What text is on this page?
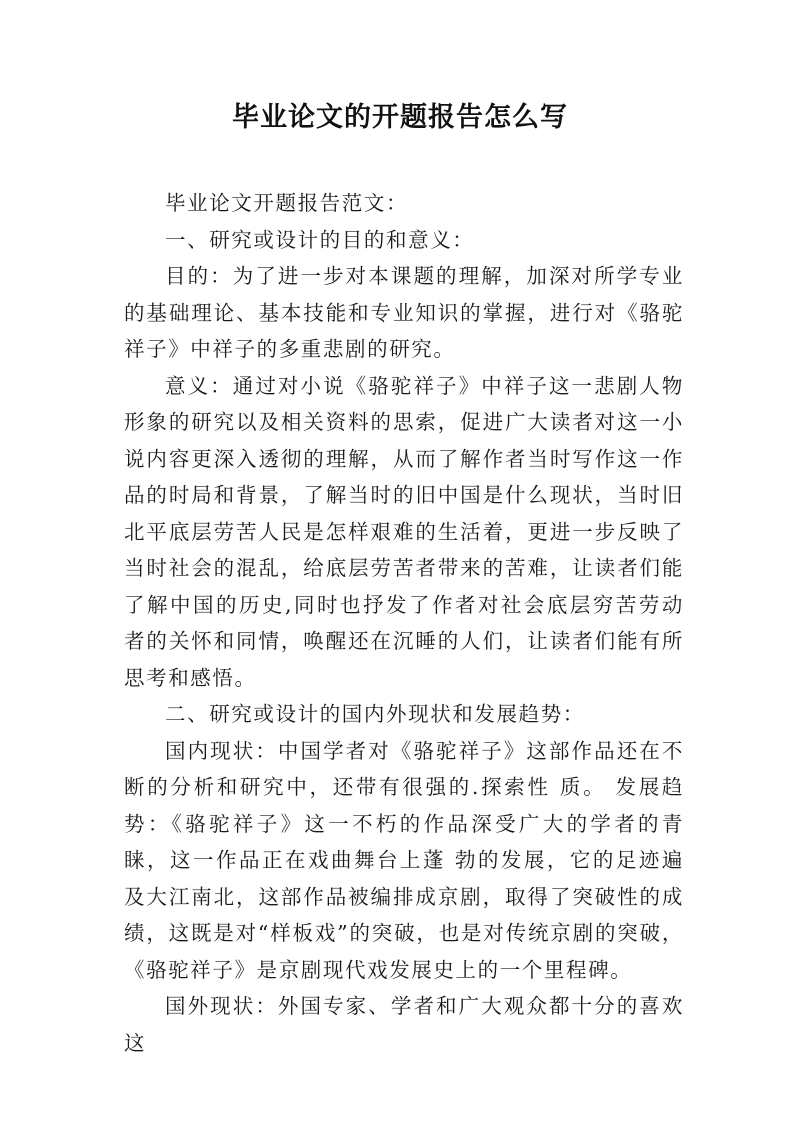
毕业论文的开题报告怎么写

毕业论文开题报告范文：

一、研究或设计的目的和意义：

目的：为了进一步对本课题的理解，加深对所学专业的基础理论、基本技能和专业知识的掌握，进行对《骆驼祥子》中祥子的多重悲剧的研究。

意义：通过对小说《骆驼祥子》中祥子这一悲剧人物形象的研究以及相关资料的思索，促进广大读者对这一小说内容更深入透彻的理解，从而了解作者当时写作这一作品的时局和背景，了解当时的旧中国是什么现状，当时旧北平底层劳苦人民是怎样艰难的生活着，更进一步反映了当时社会的混乱，给底层劳苦者带来的苦难，让读者们能了解中国的历史,同时也抒发了作者对社会底层穷苦劳动者的关怀和同情，唤醒还在沉睡的人们，让读者们能有所思考和感悟。

二、研究或设计的国内外现状和发展趋势：

国内现状：中国学者对《骆驼祥子》这部作品还在不断的分析和研究中，还带有很强的.探索性 质。 发展趋势：《骆驼祥子》这一不朽的作品深受广大的学者的青睐，这一作品正在戏曲舞台上蓬 勃的发展，它的足迹遍及大江南北，这部作品被编排成京剧，取得了突破性的成绩，这既是对“样板戏”的突破，也是对传统京剧的突破，《骆驼祥子》是京剧现代戏发展史上的一个里程碑。

国外现状：外国专家、学者和广大观众都十分的喜欢这
